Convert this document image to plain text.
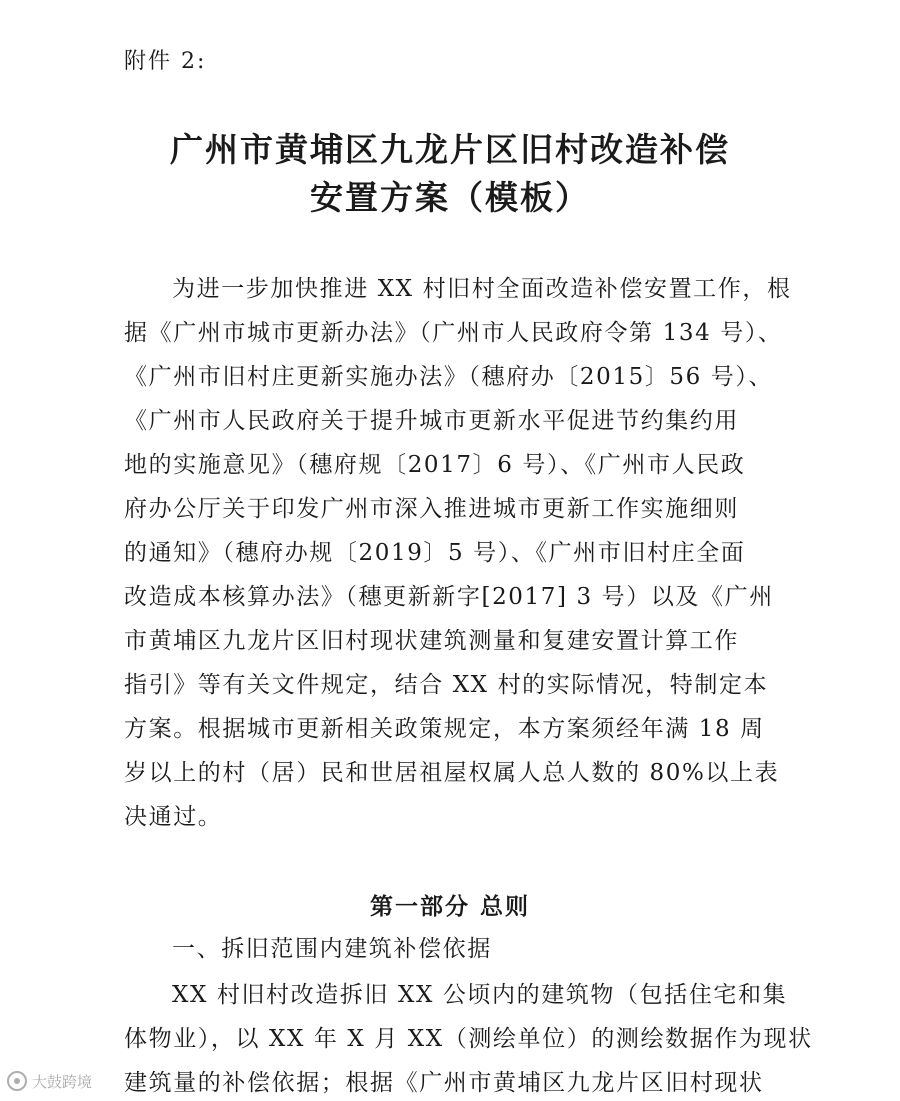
附件 2:
广州市黄埔区九龙片区旧村改造补偿
安置方案（模板）
为进一步加快推进 XX 村旧村全面改造补偿安置工作，根
据《广州市城市更新办法》（广州市人民政府令第 134 号）、
《广州市旧村庄更新实施办法》（穗府办〔2015〕56 号）、
《广州市人民政府关于提升城市更新水平促进节约集约用
地的实施意见》（穗府规〔2017〕6 号）、《广州市人民政
府办公厅关于印发广州市深入推进城市更新工作实施细则
的通知》（穗府办规〔2019〕5 号）、《广州市旧村庄全面
改造成本核算办法》（穗更新新字[2017] 3 号）以及《广州
市黄埔区九龙片区旧村现状建筑测量和复建安置计算工作
指引》等有关文件规定，结合 XX 村的实际情况，特制定本
方案。根据城市更新相关政策规定，本方案须经年满 18 周
岁以上的村（居）民和世居祖屋权属人总人数的 80%以上表
决通过。
第一部分 总则
一、拆旧范围内建筑补偿依据
XX 村旧村改造拆旧 XX 公顷内的建筑物（包括住宅和集
体物业），以 XX 年 X 月 XX（测绘单位）的测绘数据作为现状
建筑量的补偿依据；根据《广州市黄埔区九龙片区旧村现状
大鼓跨境
